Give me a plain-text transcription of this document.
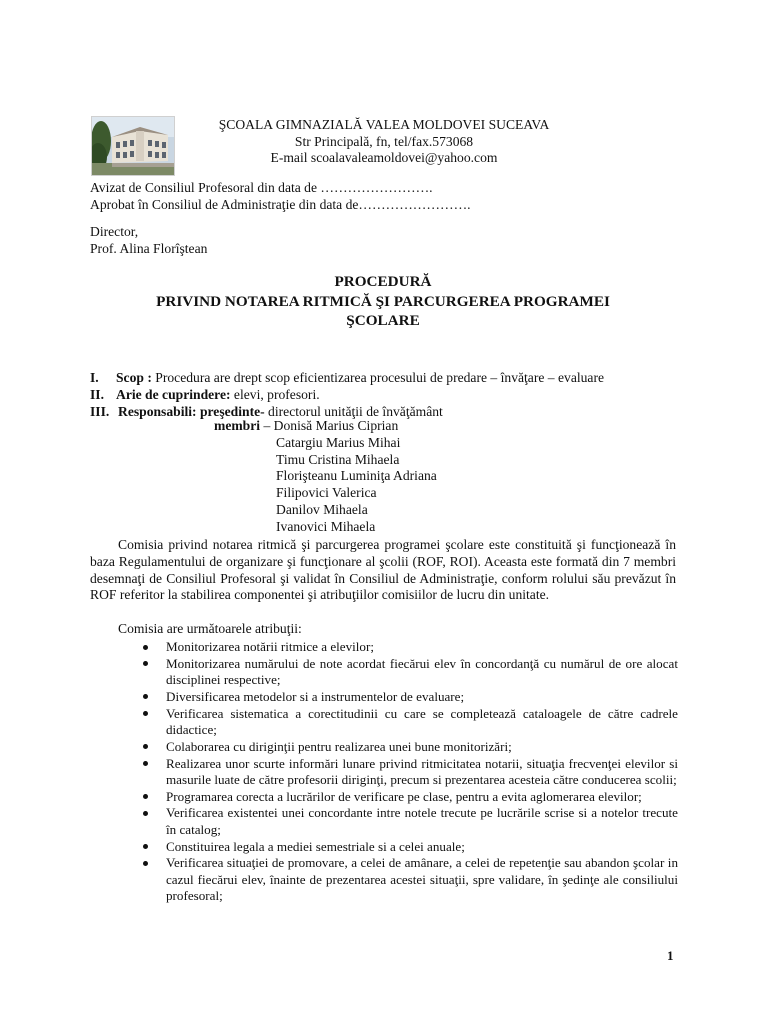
ŞCOALA GIMNAZIALĂ VALEA MOLDOVEI SUCEAVA
Str Principală, fn, tel/fax.573068
E-mail scoalavaleamoldovei@yahoo.com
Avizat de Consiliul Profesoral din data de …………………….
Aprobat în Consiliul de Administraţie din data de…………………….
Director,
Prof. Alina Florîştean
PROCEDURĂ
PRIVIND NOTAREA RITMICĂ ŞI PARCURGEREA PROGRAMEI
ŞCOLARE
I. Scop : Procedura are drept scop eficientizarea procesului de predare – învăţare – evaluare
II. Arie de cuprindere: elevi, profesori.
III. Responsabili: preşedinte- directorul unităţii de învăţământ
membri – Donisă Marius Ciprian
Catargiu Marius Mihai
Timu Cristina Mihaela
Florişteanu Luminiţa Adriana
Filipovici Valerica
Danilov Mihaela
Ivanovici Mihaela
Comisia privind notarea ritmică şi parcurgerea programei şcolare este constituită şi funcţionează în baza Regulamentului de organizare şi funcţionare al şcolii (ROF, ROI). Aceasta este formată din 7 membri desemnaţi de Consiliul Profesoral şi validat în Consiliul de Administraţie, conform rolului său prevăzut în ROF referitor la stabilirea componentei şi atribuţiilor comisiilor de lucru din unitate.
Comisia are următoarele atribuţii:
Monitorizarea notării ritmice a elevilor;
Monitorizarea numărului de note acordat fiecărui elev în concordanţă cu numărul de ore alocat disciplinei respective;
Diversificarea metodelor si a instrumentelor de evaluare;
Verificarea sistematica a corectitudinii cu care se completează cataloagele de către cadrele didactice;
Colaborarea cu diriginţii pentru realizarea unei bune monitorizări;
Realizarea unor scurte informări lunare privind ritmicitatea notarii, situaţia frecvenţei elevilor si masurile luate de către profesorii diriginţi, precum si prezentarea acesteia către conducerea scolii;
Programarea corecta a lucrărilor de verificare pe clase, pentru a evita aglomerarea elevilor;
Verificarea existentei unei concordante intre notele trecute pe lucrările scrise si a notelor trecute în catalog;
Constituirea legala a mediei semestriale si a celei anuale;
Verificarea situaţiei de promovare, a celei de amânare, a celei de repetenţie sau abandon şcolar in cazul fiecărui elev, înainte de prezentarea acestei situaţii, spre validare, în şedinţe ale consiliului profesoral;
1
